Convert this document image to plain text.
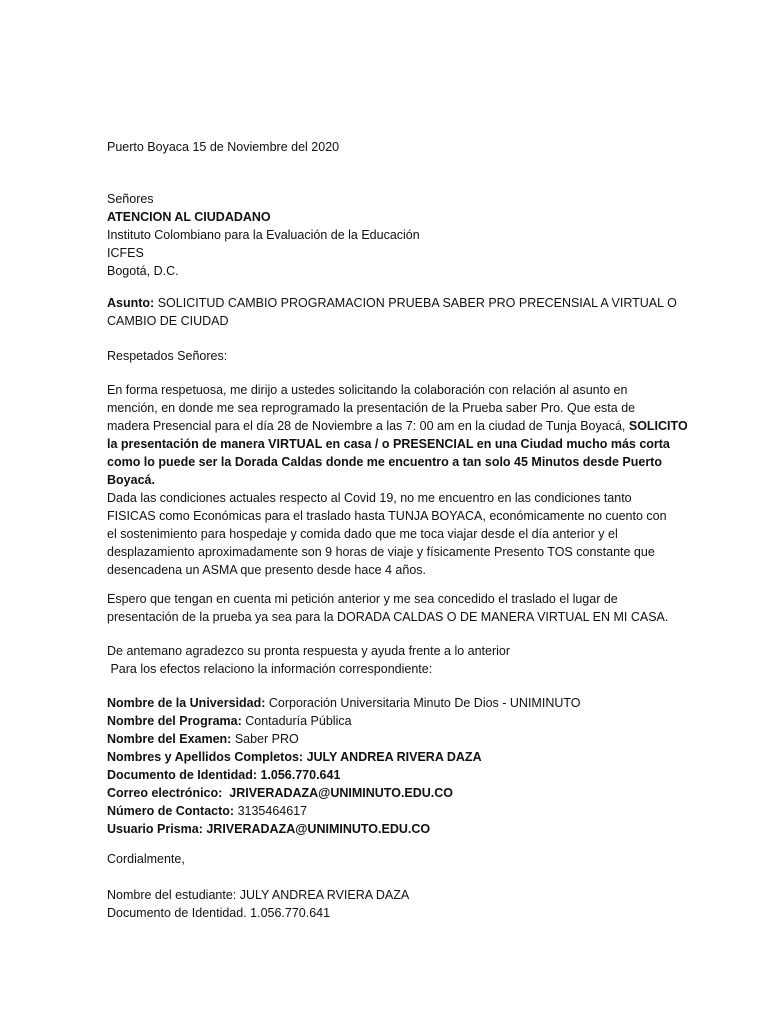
Puerto Boyaca 15 de Noviembre del 2020
Señores
ATENCION AL CIUDADANO
Instituto Colombiano para la Evaluación de la Educación
ICFES
Bogotá, D.C.
Asunto: SOLICITUD CAMBIO PROGRAMACION PRUEBA SABER PRO PRECENSIAL A VIRTUAL O
CAMBIO DE CIUDAD
Respetados Señores:
En forma respetuosa, me dirijo a ustedes solicitando la colaboración con relación al asunto en
mención, en donde me sea reprogramado la presentación de la Prueba saber Pro. Que esta de
madera Presencial para el día 28 de Noviembre a las 7: 00 am en la ciudad de Tunja Boyacá, SOLICITO
la presentación de manera VIRTUAL en casa / o PRESENCIAL en una Ciudad mucho más corta
como lo puede ser la Dorada Caldas donde me encuentro a tan solo 45 Minutos desde Puerto
Boyacá.
Dada las condiciones actuales respecto al Covid 19, no me encuentro en las condiciones tanto
FISICAS como Económicas para el traslado hasta TUNJA BOYACA, económicamente no cuento con
el sostenimiento para hospedaje y comida dado que me toca viajar desde el día anterior y el
desplazamiento aproximadamente son 9 horas de viaje y físicamente Presento TOS constante que
desencadena un ASMA que presento desde hace 4 años.
Espero que tengan en cuenta mi petición anterior y me sea concedido el traslado el lugar de
presentación de la prueba ya sea para la DORADA CALDAS O DE MANERA VIRTUAL EN MI CASA.
De antemano agradezco su pronta respuesta y ayuda frente a lo anterior
Para los efectos relaciono la información correspondiente:
Nombre de la Universidad: Corporación Universitaria Minuto De Dios - UNIMINUTO
Nombre del Programa: Contaduría Pública
Nombre del Examen: Saber PRO
Nombres y Apellidos Completos: JULY ANDREA RIVERA DAZA
Documento de Identidad: 1.056.770.641
Correo electrónico:  JRIVERADAZA@UNIMINUTO.EDU.CO
Número de Contacto: 3135464617
Usuario Prisma: JRIVERADAZA@UNIMINUTO.EDU.CO
Cordialmente,
Nombre del estudiante: JULY ANDREA RVIERA DAZA
Documento de Identidad. 1.056.770.641
